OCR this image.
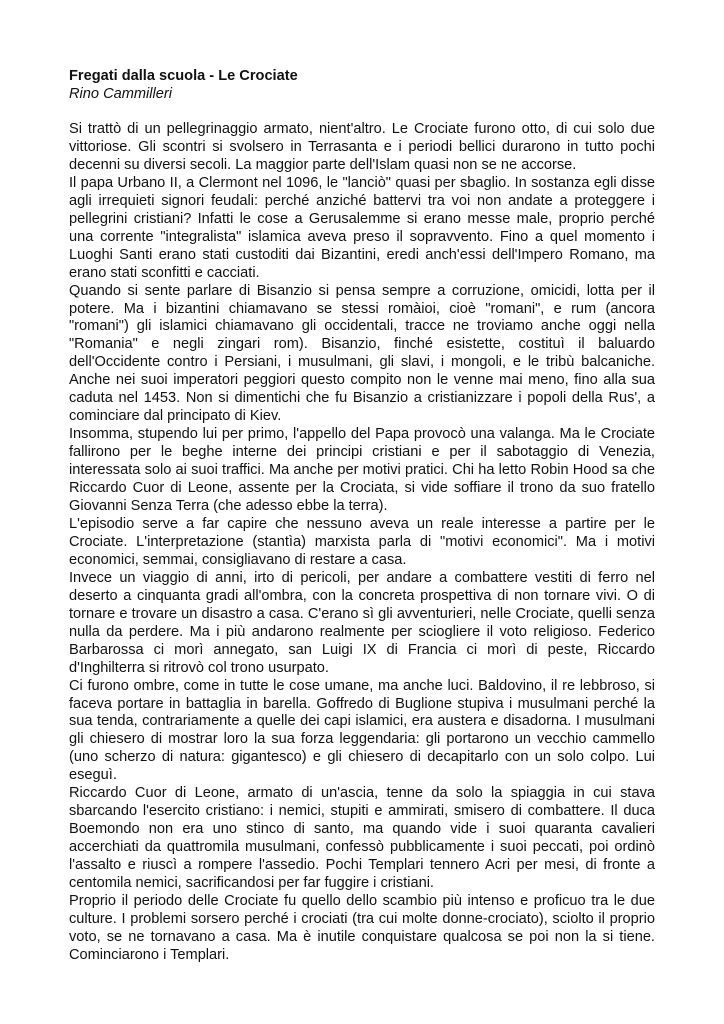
Fregati dalla scuola - Le Crociate

Rino Cammilleri

Si trattò di un pellegrinaggio armato, nient'altro. Le Crociate furono otto, di cui solo due vittoriose. Gli scontri si svolsero in Terrasanta e i periodi bellici durarono in tutto pochi decenni su diversi secoli. La maggior parte dell'Islam quasi non se ne accorse.

Il papa Urbano II, a Clermont nel 1096, le "lanciò" quasi per sbaglio. In sostanza egli disse agli irrequieti signori feudali: perché anziché battervi tra voi non andate a proteggere i pellegrini cristiani? Infatti le cose a Gerusalemme si erano messe male, proprio perché una corrente "integralista" islamica aveva preso il sopravvento. Fino a quel momento i Luoghi Santi erano stati custoditi dai Bizantini, eredi anch'essi dell'Impero Romano, ma erano stati sconfitti e cacciati.

Quando si sente parlare di Bisanzio si pensa sempre a corruzione, omicidi, lotta per il potere. Ma i bizantini chiamavano se stessi romàioi, cioè "romani", e rum (ancora "romani") gli islamici chiamavano gli occidentali, tracce ne troviamo anche oggi nella "Romania" e negli zingari rom). Bisanzio, finché esistette, costituì il baluardo dell'Occidente contro i Persiani, i musulmani, gli slavi, i mongoli, e le tribù balcaniche. Anche nei suoi imperatori peggiori questo compito non le venne mai meno, fino alla sua caduta nel 1453. Non si dimentichi che fu Bisanzio a cristianizzare i popoli della Rus', a cominciare dal principato di Kiev.

Insomma, stupendo lui per primo, l'appello del Papa provocò una valanga. Ma le Crociate fallirono per le beghe interne dei principi cristiani e per il sabotaggio di Venezia, interessata solo ai suoi traffici. Ma anche per motivi pratici. Chi ha letto Robin Hood sa che Riccardo Cuor di Leone, assente per la Crociata, si vide soffiare il trono da suo fratello Giovanni Senza Terra (che adesso ebbe la terra).

L'episodio serve a far capire che nessuno aveva un reale interesse a partire per le Crociate. L'interpretazione (stantìa) marxista parla di "motivi economici". Ma i motivi economici, semmai, consigliavano di restare a casa.

Invece un viaggio di anni, irto di pericoli, per andare a combattere vestiti di ferro nel deserto a cinquanta gradi all'ombra, con la concreta prospettiva di non tornare vivi. O di tornare e trovare un disastro a casa. C'erano sì gli avventurieri, nelle Crociate, quelli senza nulla da perdere. Ma i più andarono realmente per sciogliere il voto religioso. Federico Barbarossa ci morì annegato, san Luigi IX di Francia ci morì di peste, Riccardo d'Inghilterra si ritrovò col trono usurpato.

Ci furono ombre, come in tutte le cose umane, ma anche luci. Baldovino, il re lebbroso, si faceva portare in battaglia in barella. Goffredo di Buglione stupiva i musulmani perché la sua tenda, contrariamente a quelle dei capi islamici, era austera e disadorna. I musulmani gli chiesero di mostrar loro la sua forza leggendaria: gli portarono un vecchio cammello (uno scherzo di natura: gigantesco) e gli chiesero di decapitarlo con un solo colpo. Lui eseguì.

Riccardo Cuor di Leone, armato di un'ascia, tenne da solo la spiaggia in cui stava sbarcando l'esercito cristiano: i nemici, stupiti e ammirati, smisero di combattere. Il duca Boemondo non era uno stinco di santo, ma quando vide i suoi quaranta cavalieri accerchiati da quattromila musulmani, confessò pubblicamente i suoi peccati, poi ordinò l'assalto e riuscì a rompere l'assedio. Pochi Templari tennero Acri per mesi, di fronte a centomila nemici, sacrificandosi per far fuggire i cristiani.

Proprio il periodo delle Crociate fu quello dello scambio più intenso e proficuo tra le due culture. I problemi sorsero perché i crociati (tra cui molte donne-crociato), sciolto il proprio voto, se ne tornavano a casa. Ma è inutile conquistare qualcosa se poi non la si tiene. Cominciarono i Templari.
